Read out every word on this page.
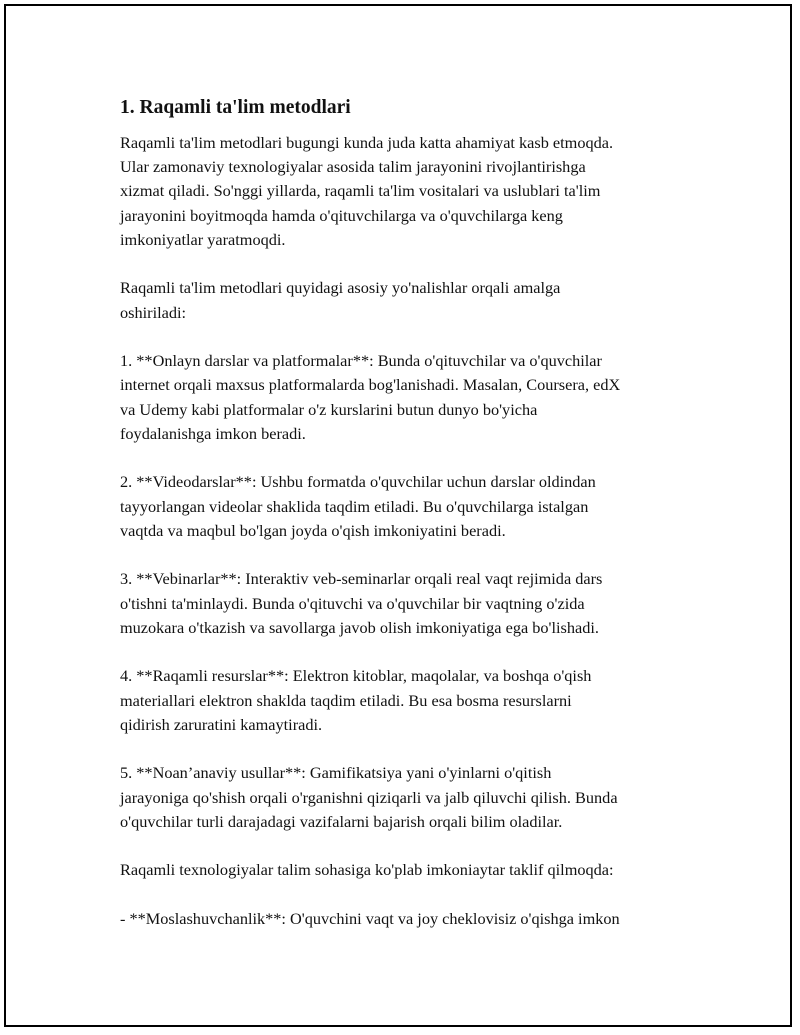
1. Raqamli ta'lim metodlari

Raqamli ta'lim metodlari bugungi kunda juda katta ahamiyat kasb etmoqda.
Ular zamonaviy texnologiyalar asosida talim jarayonini rivojlantirishga
xizmat qiladi. So'nggi yillarda, raqamli ta'lim vositalari va uslublari ta'lim
jarayonini boyitmoqda hamda o'qituvchilarga va o'quvchilarga keng
imkoniyatlar yaratmoqdi.

Raqamli ta'lim metodlari quyidagi asosiy yo'nalishlar orqali amalga
oshiriladi:

1. **Onlayn darslar va platformalar**: Bunda o'qituvchilar va o'quvchilar
internet orqali maxsus platformalarda bog'lanishadi. Masalan, Coursera, edX
va Udemy kabi platformalar o'z kurslarini butun dunyo bo'yicha
foydalanishga imkon beradi.

2. **Videodarslar**: Ushbu formatda o'quvchilar uchun darslar oldindan
tayyorlangan videolar shaklida taqdim etiladi. Bu o'quvchilarga istalgan
vaqtda va maqbul bo'lgan joyda o'qish imkoniyatini beradi.

3. **Vebinarlar**: Interaktiv veb-seminarlar orqali real vaqt rejimida dars
o'tishni ta'minlaydi. Bunda o'qituvchi va o'quvchilar bir vaqtning o'zida
muzokara o'tkazish va savollarga javob olish imkoniyatiga ega bo'lishadi.

4. **Raqamli resurslar**: Elektron kitoblar, maqolalar, va boshqa o'qish
materiallari elektron shaklda taqdim etiladi. Bu esa bosma resurslarni
qidirish zaruratini kamaytiradi.

5. **Noan’anaviy usullar**: Gamifikatsiya yani o'yinlarni o'qitish
jarayoniga qo'shish orqali o'rganishni qiziqarli va jalb qiluvchi qilish. Bunda
o'quvchilar turli darajadagi vazifalarni bajarish orqali bilim oladilar.

Raqamli texnologiyalar talim sohasiga ko'plab imkoniaytar taklif qilmoqda:

- **Moslashuvchanlik**: O'quvchini vaqt va joy cheklovisiz o'qishga imkon
